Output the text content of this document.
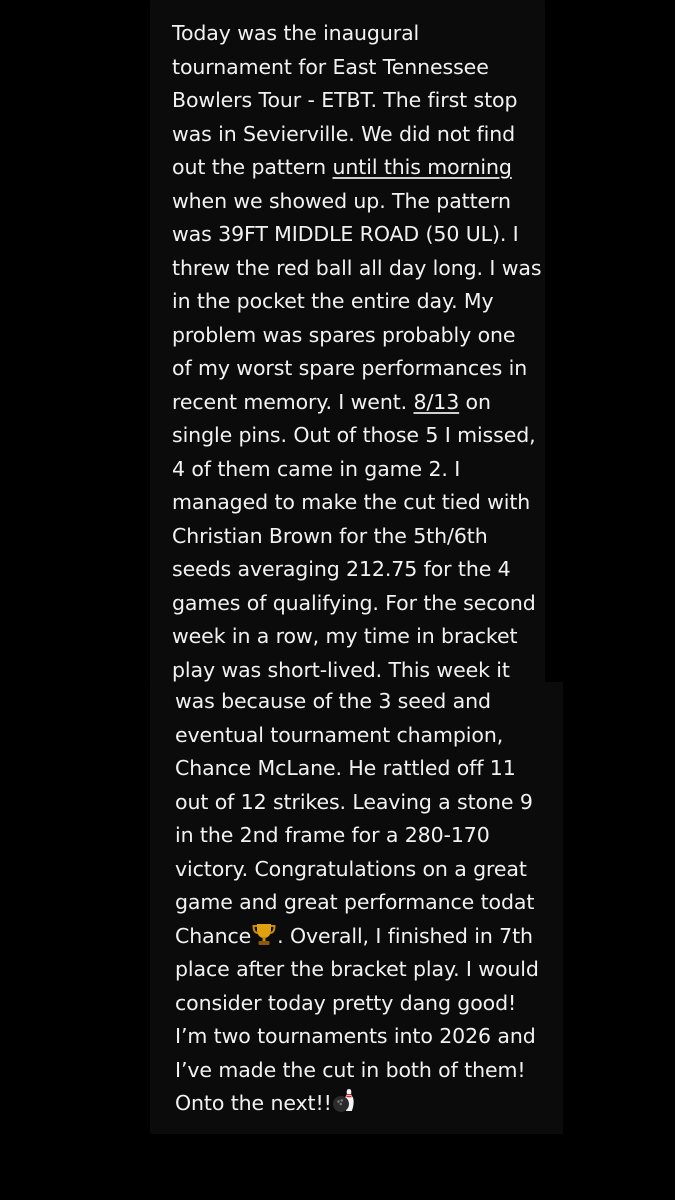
Today was the inaugural
tournament for East Tennessee
Bowlers Tour - ETBT. The first stop
was in Sevierville. We did not find
out the pattern until this morning
when we showed up. The pattern
was 39FT MIDDLE ROAD (50 UL). I
threw the red ball all day long. I was
in the pocket the entire day. My
problem was spares probably one
of my worst spare performances in
recent memory. I went. 8/13 on
single pins. Out of those 5 I missed,
4 of them came in game 2. I
managed to make the cut tied with
Christian Brown for the 5th/6th
seeds averaging 212.75 for the 4
games of qualifying. For the second
week in a row, my time in bracket
play was short-lived. This week it
was because of the 3 seed and
eventual tournament champion,
Chance McLane. He rattled off 11
out of 12 strikes. Leaving a stone 9
in the 2nd frame for a 280-170
victory. Congratulations on a great
game and great performance todat
Chance . Overall, I finished in 7th
place after the bracket play. I would
consider today pretty dang good!
I’m two tournaments into 2026 and
I’ve made the cut in both of them!
Onto the next!!
